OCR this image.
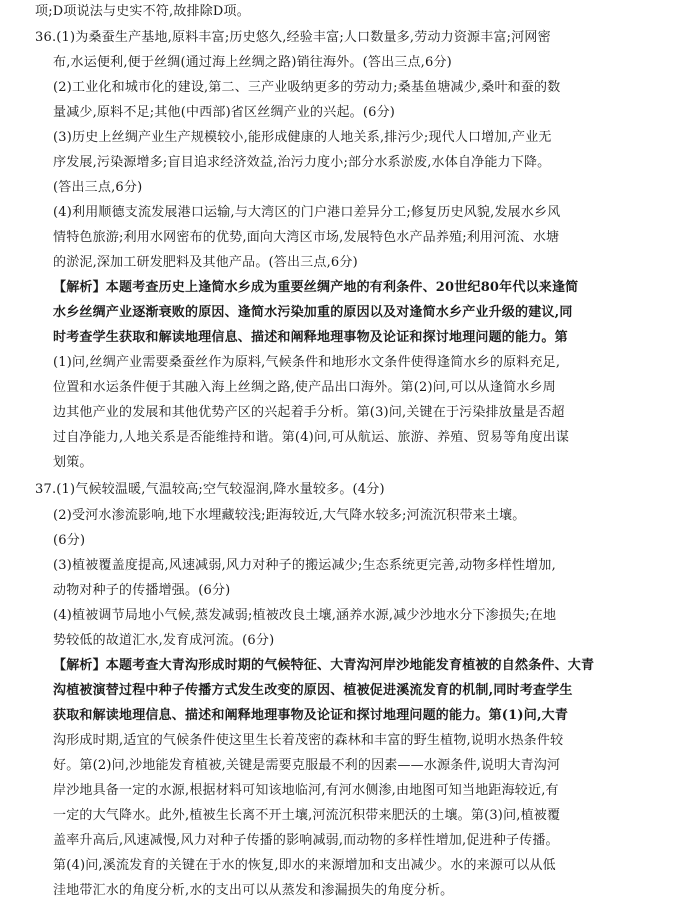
项;D项说法与史实不符,故排除D项。
36.(1)为桑蚕生产基地,原料丰富;历史悠久,经验丰富;人口数量多,劳动力资源丰富;河网密
布,水运便利,便于丝绸(通过海上丝绸之路)销往海外。(答出三点,6分)
(2)工业化和城市化的建设,第二、三产业吸纳更多的劳动力;桑基鱼塘减少,桑叶和蚕的数
量减少,原料不足;其他(中西部)省区丝绸产业的兴起。(6分)
(3)历史上丝绸产业生产规模较小,能形成健康的人地关系,排污少;现代人口增加,产业无
序发展,污染源增多;盲目追求经济效益,治污力度小;部分水系淤废,水体自净能力下降。
(答出三点,6分)
(4)利用顺德支流发展港口运输,与大湾区的门户港口差异分工;修复历史风貌,发展水乡风
情特色旅游;利用水网密布的优势,面向大湾区市场,发展特色水产品养殖;利用河流、水塘
的淤泥,深加工研发肥料及其他产品。(答出三点,6分)
【解析】本题考查历史上逢简水乡成为重要丝绸产地的有利条件、20世纪80年代以来逢简
水乡丝绸产业逐渐衰败的原因、逢简水污染加重的原因以及对逢简水乡产业升级的建议,同
时考查学生获取和解读地理信息、描述和阐释地理事物及论证和探讨地理问题的能力。第
(1)问,丝绸产业需要桑蚕丝作为原料,气候条件和地形水文条件使得逢简水乡的原料充足,
位置和水运条件便于其融入海上丝绸之路,使产品出口海外。第(2)问,可以从逢简水乡周
边其他产业的发展和其他优势产区的兴起着手分析。第(3)问,关键在于污染排放量是否超
过自净能力,人地关系是否能维持和谐。第(4)问,可从航运、旅游、养殖、贸易等角度出谋
划策。
37.(1)气候较温暖,气温较高;空气较湿润,降水量较多。(4分)
(2)受河水渗流影响,地下水埋藏较浅;距海较近,大气降水较多;河流沉积带来土壤。
(6分)
(3)植被覆盖度提高,风速减弱,风力对种子的搬运减少;生态系统更完善,动物多样性增加,
动物对种子的传播增强。(6分)
(4)植被调节局地小气候,蒸发减弱;植被改良土壤,涵养水源,减少沙地水分下渗损失;在地
势较低的故道汇水,发育成河流。(6分)
【解析】本题考查大青沟形成时期的气候特征、大青沟河岸沙地能发育植被的自然条件、大青
沟植被演替过程中种子传播方式发生改变的原因、植被促进溪流发育的机制,同时考查学生
获取和解读地理信息、描述和阐释地理事物及论证和探讨地理问题的能力。第(1)问,大青
沟形成时期,适宜的气候条件使这里生长着茂密的森林和丰富的野生植物,说明水热条件较
好。第(2)问,沙地能发育植被,关键是需要克服最不利的因素——水源条件,说明大青沟河
岸沙地具备一定的水源,根据材料可知该地临河,有河水侧渗,由地图可知当地距海较近,有
一定的大气降水。此外,植被生长离不开土壤,河流沉积带来肥沃的土壤。第(3)问,植被覆
盖率升高后,风速减慢,风力对种子传播的影响减弱,而动物的多样性增加,促进种子传播。
第(4)问,溪流发育的关键在于水的恢复,即水的来源增加和支出减少。水的来源可以从低
洼地带汇水的角度分析,水的支出可以从蒸发和渗漏损失的角度分析。
